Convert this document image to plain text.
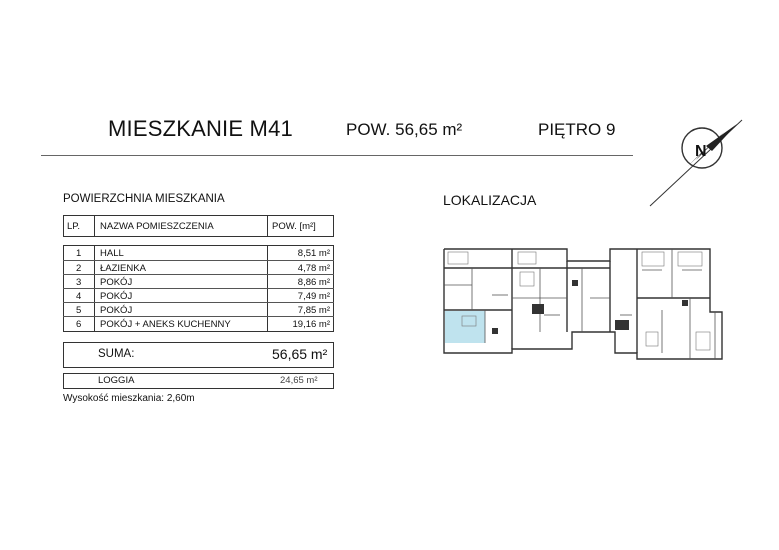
MIESZKANIE M41	POW. 56,65 m²	PIĘTRO 9
N
POWIERZCHNIA MIESZKANIA
LP. NAZWA POMIESZCZENIA	POW. [m²]
1 HALL	8,51 m²
2 ŁAZIENKA	4,78 m²
3 POKÓJ	8,86 m²
4 POKÓJ	7,49 m²
5 POKÓJ	7,85 m²
6 POKÓJ + ANEKS KUCHENNY	19,16 m²
SUMA:	56,65 m²
LOGGIA	24,65 m²
Wysokość mieszkania: 2,60m
LOKALIZACJA
